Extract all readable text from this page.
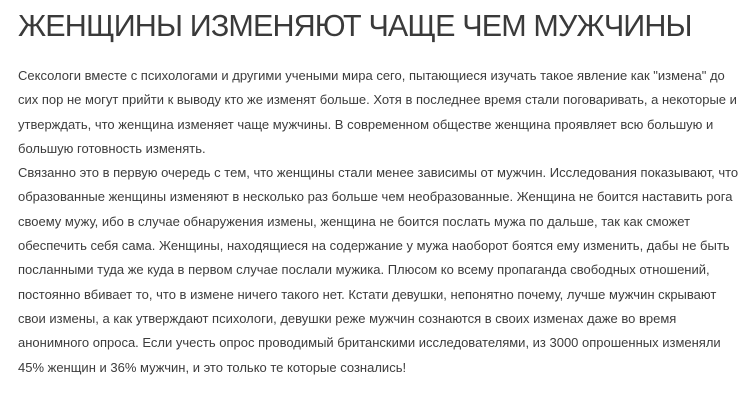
ЖЕНЩИНЫ ИЗМЕНЯЮТ ЧАЩЕ ЧЕМ МУЖЧИНЫ
Сексологи вместе с психологами и другими учеными мира сего, пытающиеся изучать такое явление как "измена" до
сих пор не могут прийти к выводу кто же изменят больше. Хотя в последнее время стали поговаривать, а некоторые и
утверждать, что женщина изменяет чаще мужчины. В современном обществе женщина проявляет всю большую и
большую готовность изменять.
Связанно это в первую очередь с тем, что женщины стали менее зависимы от мужчин. Исследования показывают, что
образованные женщины изменяют в несколько раз больше чем необразованные. Женщина не боится наставить рога
своему мужу, ибо в случае обнаружения измены, женщина не боится послать мужа по дальше, так как сможет
обеспечить себя сама. Женщины, находящиеся на содержание у мужа наоборот боятся ему изменить, дабы не быть
посланными туда же куда в первом случае послали мужика. Плюсом ко всему пропаганда свободных отношений,
постоянно вбивает то, что в измене ничего такого нет. Кстати девушки, непонятно почему, лучше мужчин скрывают
свои измены, а как утверждают психологи, девушки реже мужчин сознаются в своих изменах даже во время
анонимного опроса. Если учесть опрос проводимый британскими исследователями, из 3000 опрошенных изменяли
45% женщин и 36% мужчин, и это только те которые сознались!
